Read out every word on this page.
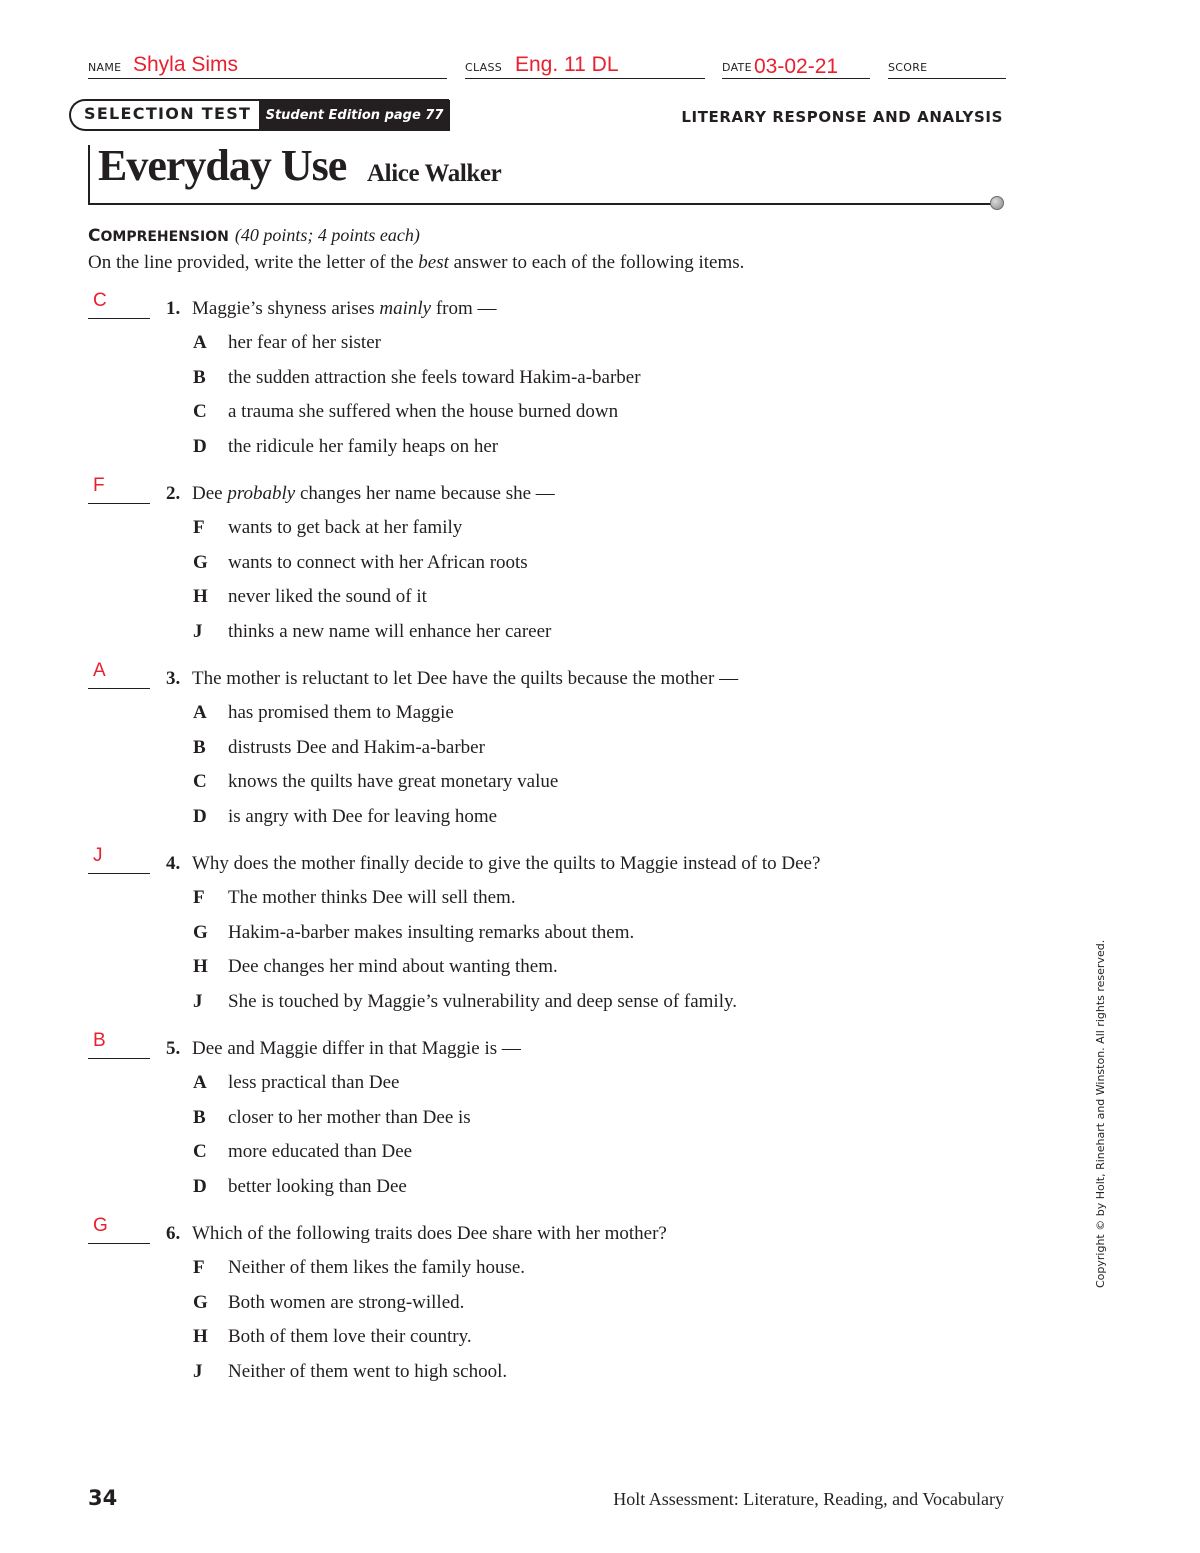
NAME Shyla Sims	CLASS Eng. 11 DL	DATE 03-02-21	SCORE
SELECTION TEST	Student Edition page 77	LITERARY RESPONSE AND ANALYSIS
Everyday Use Alice Walker
COMPREHENSION (40 points; 4 points each)
On the line provided, write the letter of the best answer to each of the following items.
C	1. Maggie’s shyness arises mainly from —
A	her fear of her sister
B	the sudden attraction she feels toward Hakim-a-barber
C	a trauma she suffered when the house burned down
D	the ridicule her family heaps on her
F	2. Dee probably changes her name because she —
F	wants to get back at her family
G	wants to connect with her African roots
H	never liked the sound of it
J	thinks a new name will enhance her career
A	3. The mother is reluctant to let Dee have the quilts because the mother —
A	has promised them to Maggie
B	distrusts Dee and Hakim-a-barber
C	knows the quilts have great monetary value
D	is angry with Dee for leaving home
J	4. Why does the mother finally decide to give the quilts to Maggie instead of to Dee?
F	The mother thinks Dee will sell them.
G	Hakim-a-barber makes insulting remarks about them.
H	Dee changes her mind about wanting them.
J	She is touched by Maggie’s vulnerability and deep sense of family.
B	5. Dee and Maggie differ in that Maggie is —
A	less practical than Dee
B	closer to her mother than Dee is
C	more educated than Dee
D	better looking than Dee
G	6. Which of the following traits does Dee share with her mother?
F	Neither of them likes the family house.
G	Both women are strong-willed.
H	Both of them love their country.
J	Neither of them went to high school.
Copyright © by Holt, Rinehart and Winston. All rights reserved.
34	Holt Assessment: Literature, Reading, and Vocabulary
